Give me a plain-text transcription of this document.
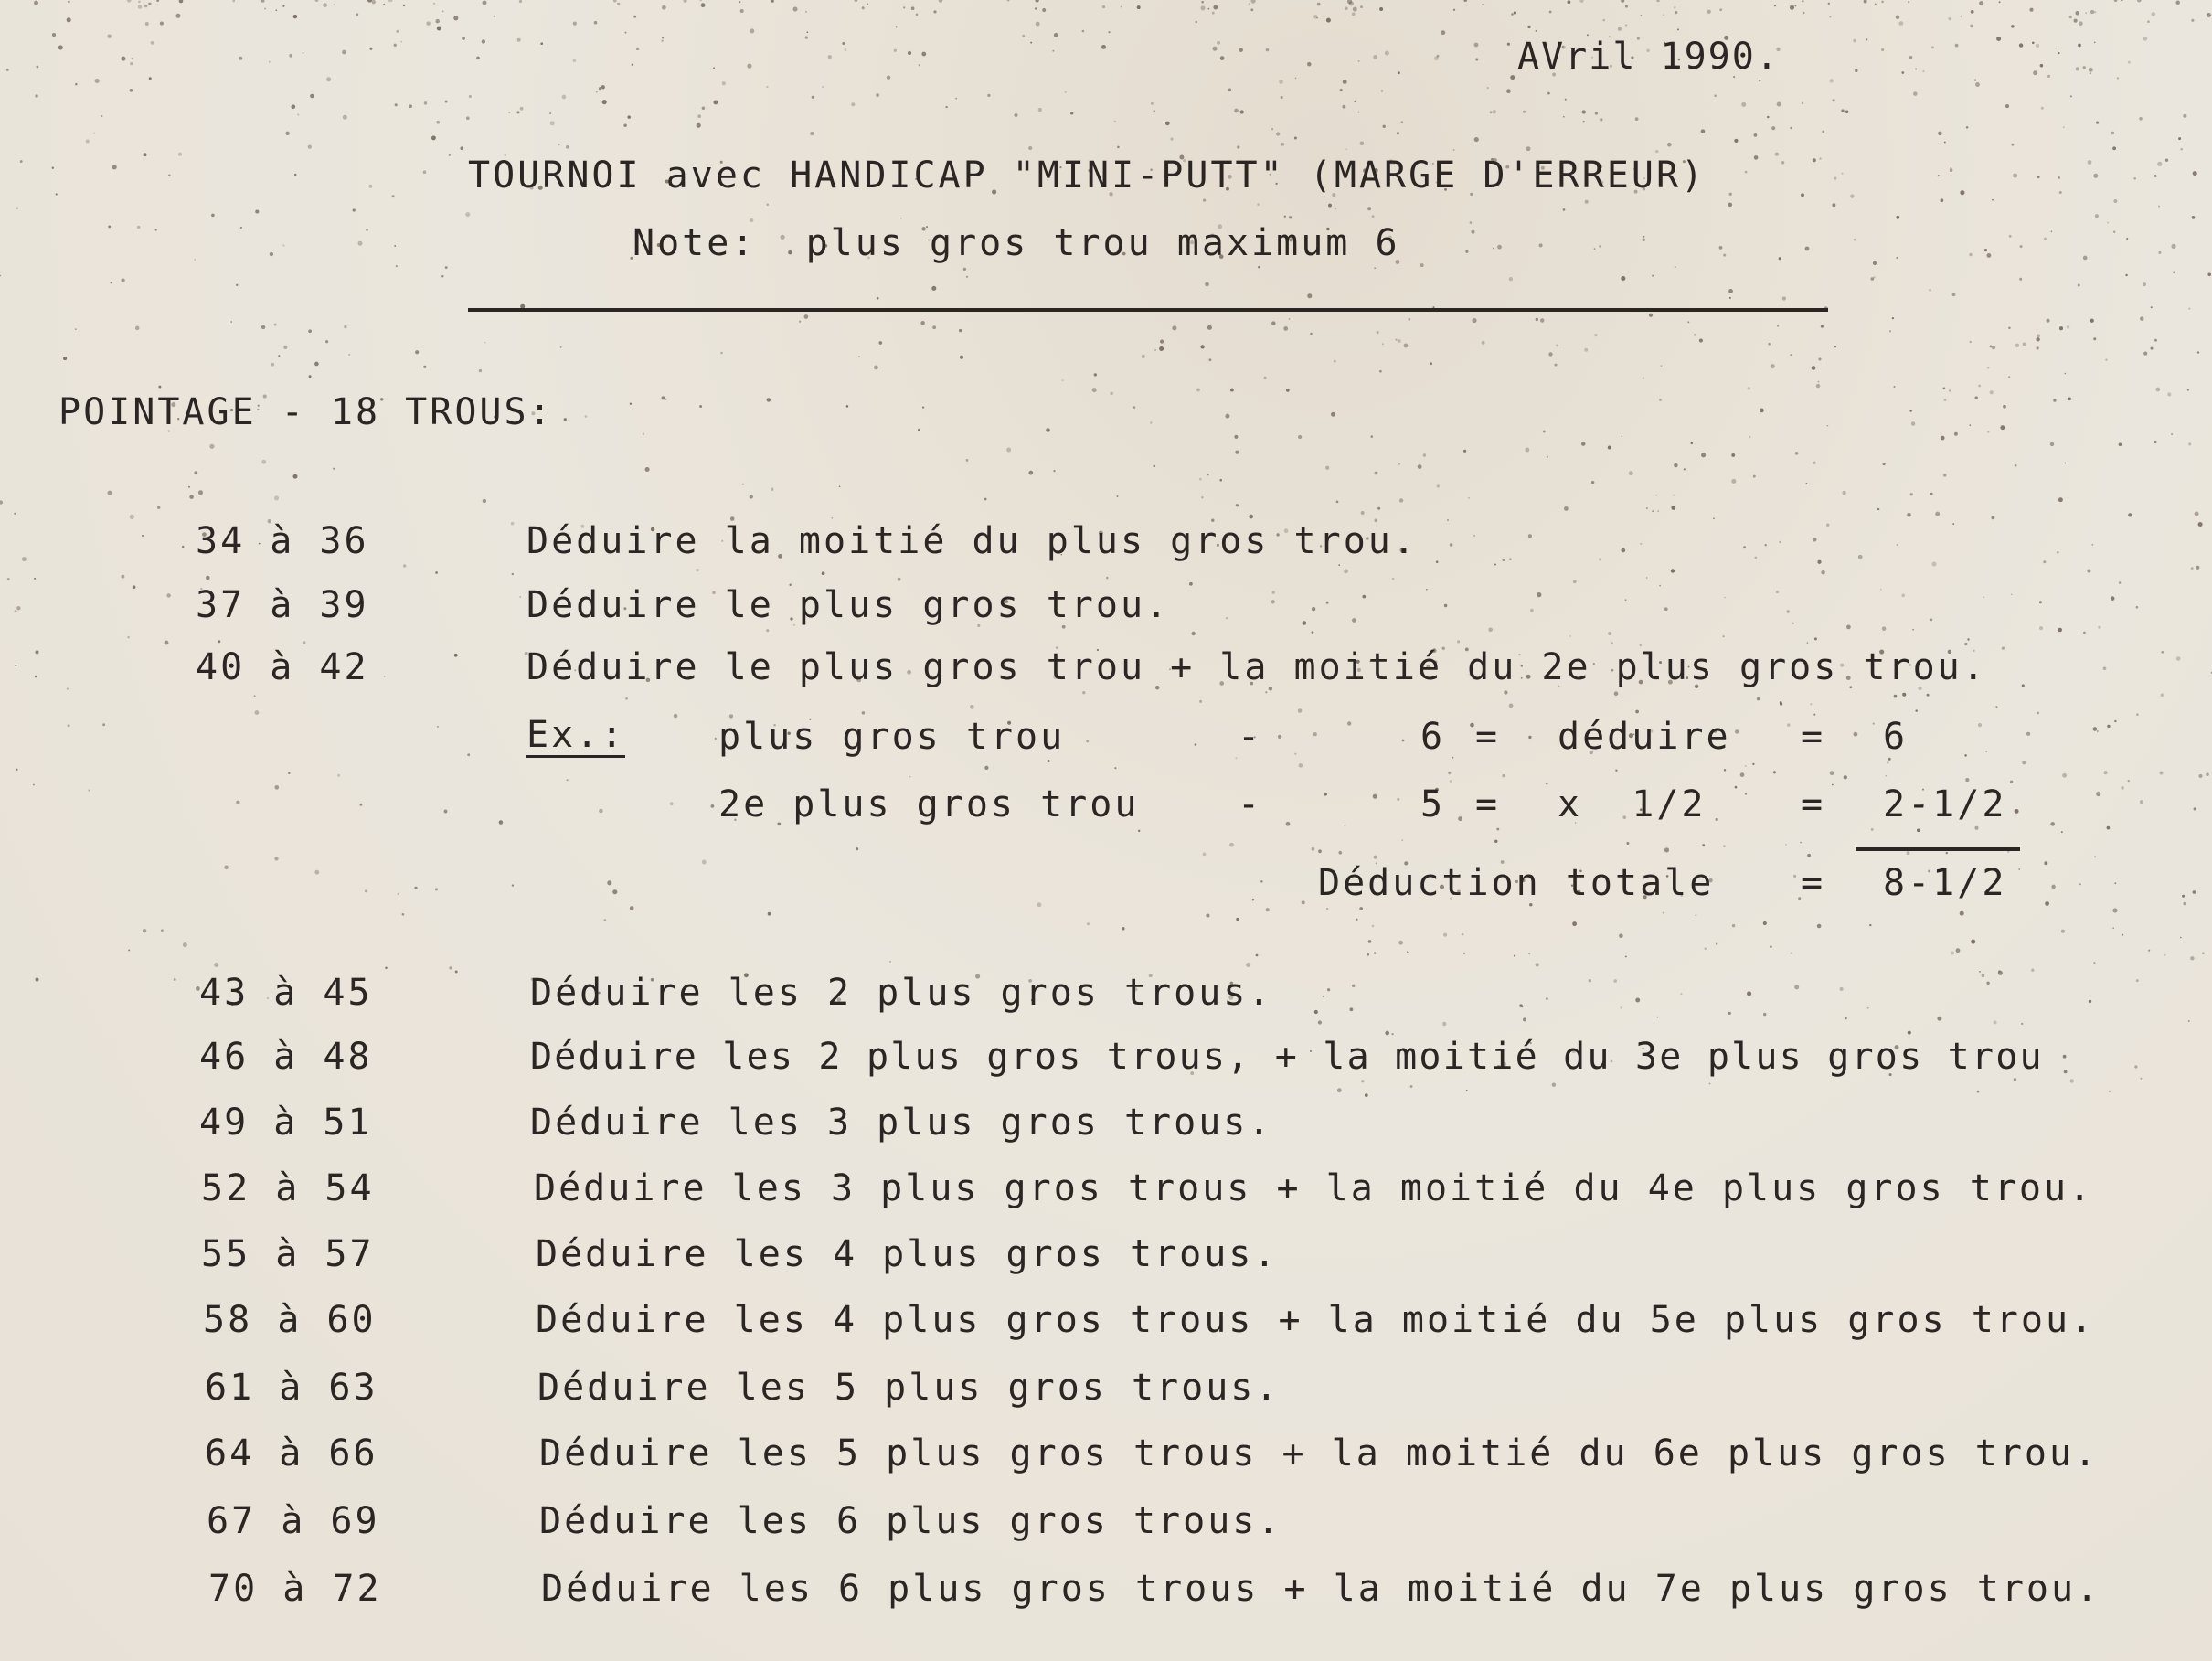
AVril 1990.
TOURNOI avec HANDICAP "MINI-PUTT" (MARGE D'ERREUR)
Note:  plus gros trou maximum 6
POINTAGE - 18 TROUS:
34 à 36	Déduire la moitié du plus gros trou.
37 à 39	Déduire le plus gros trou.
40 à 42	Déduire le plus gros trou + la moitié du 2e plus gros trou.
Ex.:	plus gros trou	-	6 = déduire = 6
2e plus gros trou	-	5 = x  1/2	= 2-1/2
Déduction totale = 8-1/2
43 à 45	Déduire les 2 plus gros trous.
46 à 48	Déduire les 2 plus gros trous, + la moitié du 3e plus gros trou
49 à 51	Déduire les 3 plus gros trous.
52 à 54	Déduire les 3 plus gros trous + la moitié du 4e plus gros trou.
55 à 57	Déduire les 4 plus gros trous.
58 à 60	Déduire les 4 plus gros trous + la moitié du 5e plus gros trou.
61 à 63	Déduire les 5 plus gros trous.
64 à 66	Déduire les 5 plus gros trous + la moitié du 6e plus gros trou.
67 à 69	Déduire les 6 plus gros trous.
70 à 72	Déduire les 6 plus gros trous + la moitié du 7e plus gros trou.
